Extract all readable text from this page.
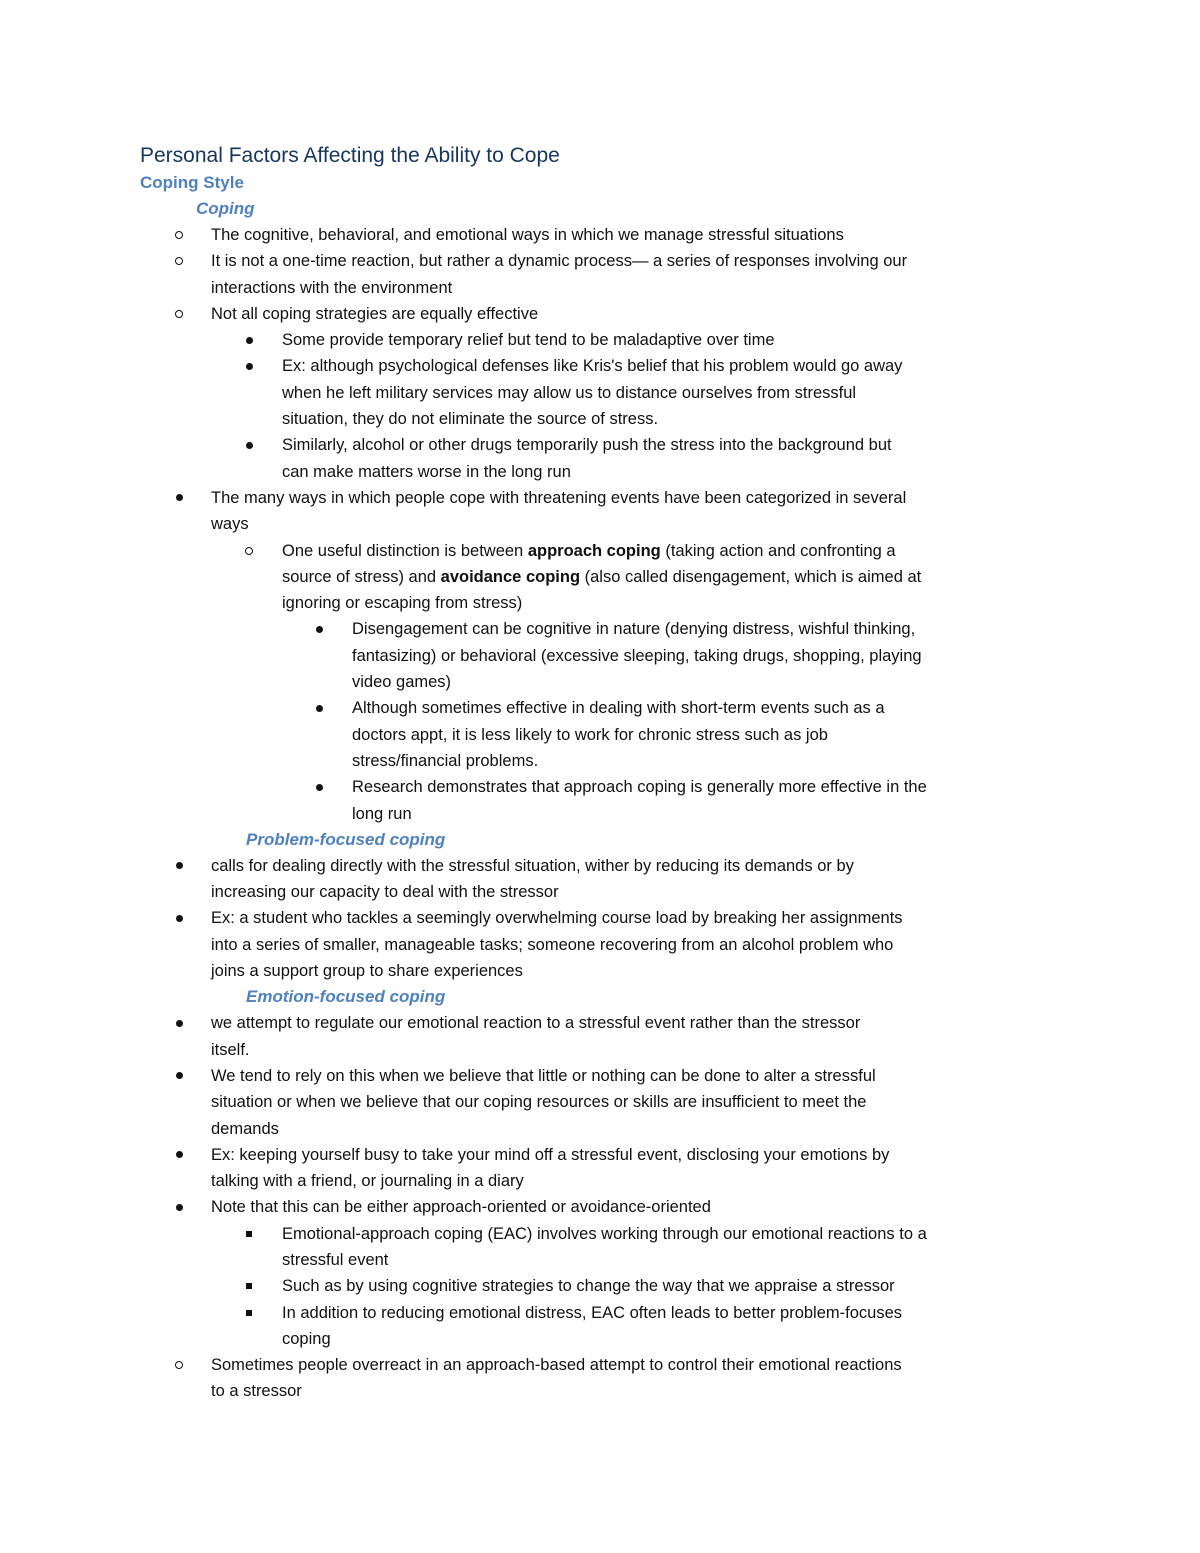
Personal Factors Affecting the Ability to Cope
Coping Style
Coping
The cognitive, behavioral, and emotional ways in which we manage stressful situations
It is not a one-time reaction, but rather a dynamic process— a series of responses involving our
interactions with the environment
Not all coping strategies are equally effective
Some provide temporary relief but tend to be maladaptive over time
Ex: although psychological defenses like Kris's belief that his problem would go away
when he left military services may allow us to distance ourselves from stressful
situation, they do not eliminate the source of stress.
Similarly, alcohol or other drugs temporarily push the stress into the background but
can make matters worse in the long run
The many ways in which people cope with threatening events have been categorized in several
ways
One useful distinction is between approach coping (taking action and confronting a
source of stress) and avoidance coping (also called disengagement, which is aimed at
ignoring or escaping from stress)
Disengagement can be cognitive in nature (denying distress, wishful thinking,
fantasizing) or behavioral (excessive sleeping, taking drugs, shopping, playing
video games)
Although sometimes effective in dealing with short-term events such as a
doctors appt, it is less likely to work for chronic stress such as job
stress/financial problems.
Research demonstrates that approach coping is generally more effective in the
long run
Problem-focused coping
calls for dealing directly with the stressful situation, wither by reducing its demands or by
increasing our capacity to deal with the stressor
Ex: a student who tackles a seemingly overwhelming course load by breaking her assignments
into a series of smaller, manageable tasks; someone recovering from an alcohol problem who
joins a support group to share experiences
Emotion-focused coping
we attempt to regulate our emotional reaction to a stressful event rather than the stressor
itself.
We tend to rely on this when we believe that little or nothing can be done to alter a stressful
situation or when we believe that our coping resources or skills are insufficient to meet the
demands
Ex: keeping yourself busy to take your mind off a stressful event, disclosing your emotions by
talking with a friend, or journaling in a diary
Note that this can be either approach-oriented or avoidance-oriented
Emotional-approach coping (EAC) involves working through our emotional reactions to a
stressful event
Such as by using cognitive strategies to change the way that we appraise a stressor
In addition to reducing emotional distress, EAC often leads to better problem-focuses
coping
Sometimes people overreact in an approach-based attempt to control their emotional reactions
to a stressor
